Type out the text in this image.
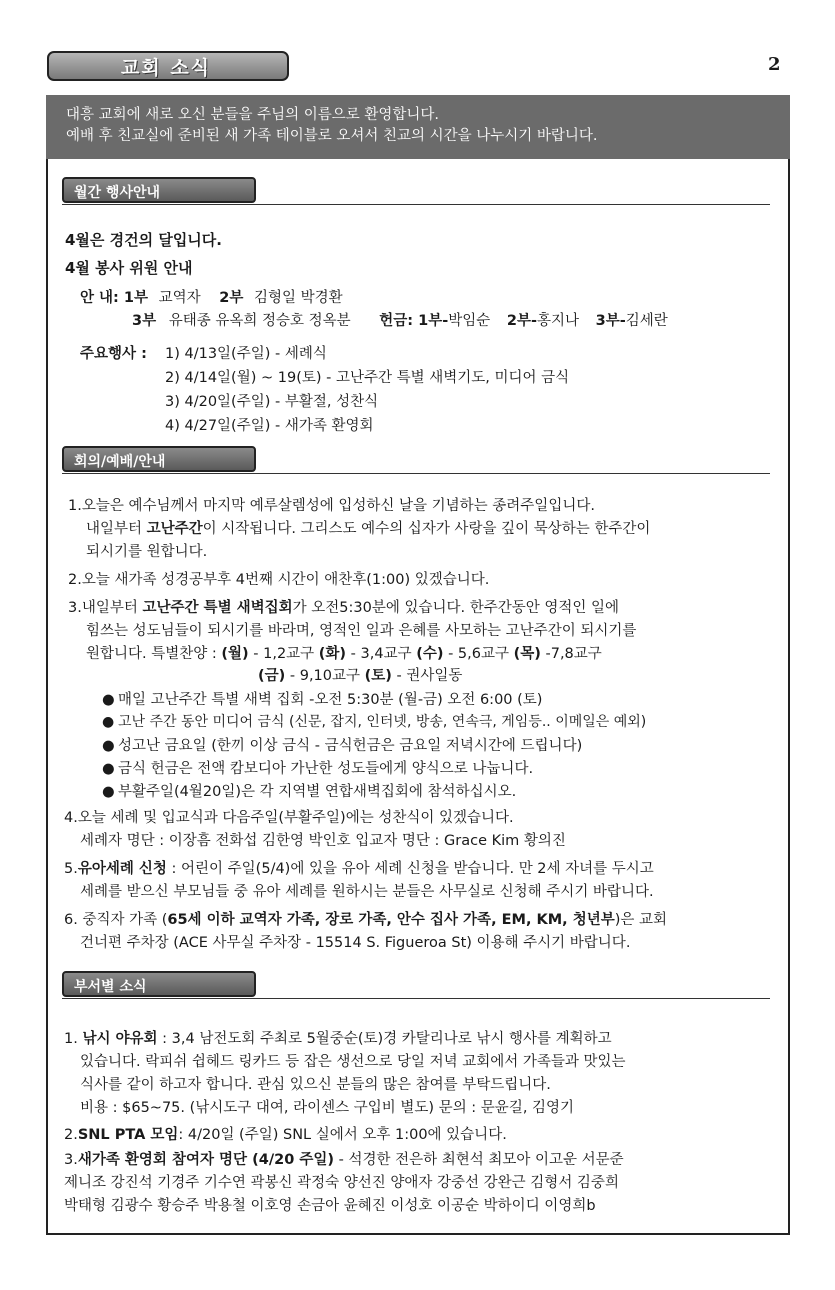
교회 소식	2
대흥 교회에 새로 오신 분들을 주님의 이름으로 환영합니다.
예배 후 친교실에 준비된 새 가족 테이블로 오셔서 친교의 시간을 나누시기 바랍니다.
월간 행사안내
4월은 경건의 달입니다.
4월 봉사 위원 안내
안 내: 1부 교역자 2부 김형일 박경환
3부 유태종 유옥희 정승호 정옥분 헌금: 1부-박임순 2부-홍지나 3부-김세란
주요행사 : 1) 4/13일(주일) - 세례식
2) 4/14일(월) ~ 19(토) - 고난주간 특별 새벽기도, 미디어 금식
3) 4/20일(주일) - 부활절, 성찬식
4) 4/27일(주일) - 새가족 환영회
회의/예배/안내
1.오늘은 예수님께서 마지막 예루살렘성에 입성하신 날을 기념하는 종려주일입니다.
내일부터 고난주간이 시작됩니다. 그리스도 예수의 십자가 사랑을 깊이 묵상하는 한주간이
되시기를 원합니다.
2.오늘 새가족 성경공부후 4번째 시간이 애찬후(1:00) 있겠습니다.
3.내일부터 고난주간 특별 새벽집회가 오전5:30분에 있습니다. 한주간동안 영적인 일에
힘쓰는 성도님들이 되시기를 바라며, 영적인 일과 은혜를 사모하는 고난주간이 되시기를
원합니다. 특별찬양 : (월) - 1,2교구 (화) - 3,4교구 (수) - 5,6교구 (목) -7,8교구
(금) - 9,10교구 (토) - 권사일동
● 매일 고난주간 특별 새벽 집회 -오전 5:30분 (월-금) 오전 6:00 (토)
● 고난 주간 동안 미디어 금식 (신문, 잡지, 인터넷, 방송, 연속극, 게임등.. 이메일은 예외)
● 성고난 금요일 (한끼 이상 금식 - 금식헌금은 금요일 저녁시간에 드립니다)
● 금식 헌금은 전액 캄보디아 가난한 성도들에게 양식으로 나눕니다.
● 부활주일(4월20일)은 각 지역별 연합새벽집회에 참석하십시오.
4.오늘 세례 및 입교식과 다음주일(부활주일)에는 성찬식이 있겠습니다.
세례자 명단 : 이장흠 전화섭 김한영 박인호 입교자 명단 : Grace Kim 황의진
5.유아세례 신청 : 어린이 주일(5/4)에 있을 유아 세례 신청을 받습니다. 만 2세 자녀를 두시고
세례를 받으신 부모님들 중 유아 세례를 원하시는 분들은 사무실로 신청해 주시기 바랍니다.
6. 중직자 가족 (65세 이하 교역자 가족, 장로 가족, 안수 집사 가족, EM, KM, 청년부)은 교회
건너편 주차장 (ACE 사무실 주차장 - 15514 S. Figueroa St) 이용해 주시기 바랍니다.
부서별 소식
1. 낚시 야유회 : 3,4 남전도회 주최로 5월중순(토)경 카탈리나로 낚시 행사를 계획하고
있습니다. 락피쉬 쉽헤드 링카드 등 잡은 생선으로 당일 저녁 교회에서 가족들과 맛있는
식사를 같이 하고자 합니다. 관심 있으신 분들의 많은 참여를 부탁드립니다.
비용 : $65~75. (낚시도구 대여, 라이센스 구입비 별도) 문의 : 문윤길, 김영기
2.SNL PTA 모임: 4/20일 (주일) SNL 실에서 오후 1:00에 있습니다.
3.새가족 환영회 참여자 명단 (4/20 주일) - 석경한 전은하 최현석 최모아 이고운 서문준
제니조 강진석 기경주 기수연 곽봉신 곽정숙 양선진 양애자 강중선 강완근 김형서 김중희
박태형 김광수 황승주 박용철 이호영 손금아 윤혜진 이성호 이공순 박하이디 이영희b
